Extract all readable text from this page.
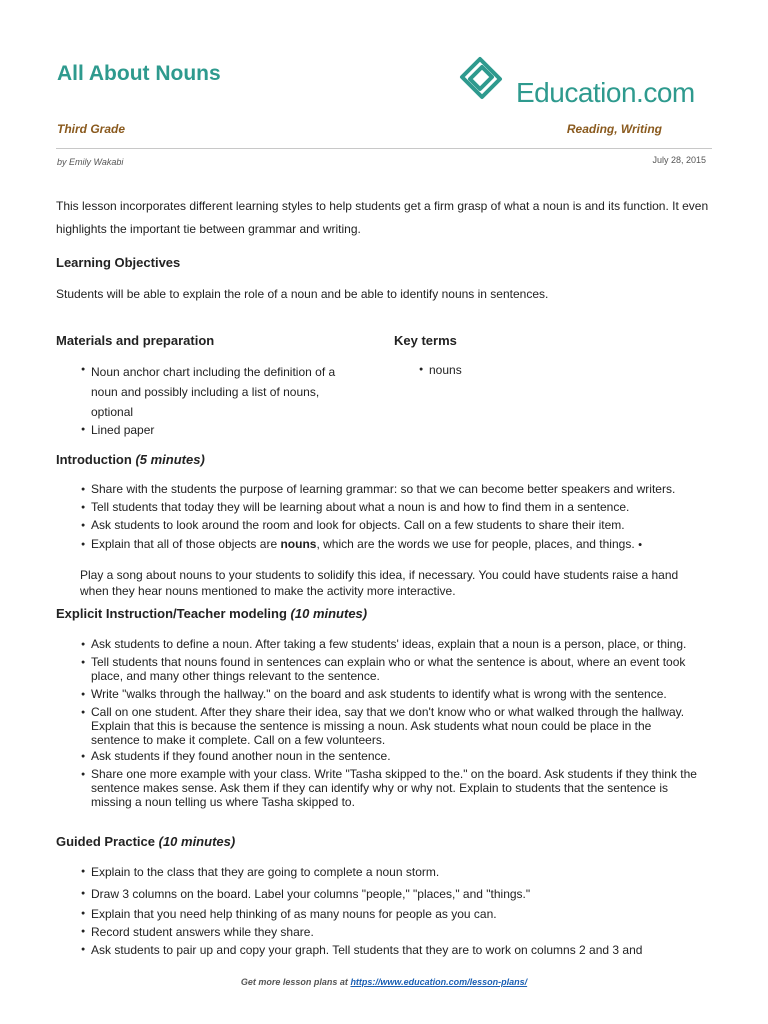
All About Nouns
Education.com
Third Grade	Reading, Writing
by Emily Wakabi	July 28, 2015
This lesson incorporates different learning styles to help students get a firm grasp of what a noun is and its function. It even highlights the important tie between grammar and writing.
Learning Objectives
Students will be able to explain the role of a noun and be able to identify nouns in sentences.
Materials and preparation
● Noun anchor chart including the definition of a noun and possibly including a list of nouns, optional
● Lined paper
Key terms
● nouns
Introduction (5 minutes)
● Share with the students the purpose of learning grammar: so that we can become better speakers and writers.
● Tell students that today they will be learning about what a noun is and how to find them in a sentence.
● Ask students to look around the room and look for objects. Call on a few students to share their item.
● Explain that all of those objects are nouns, which are the words we use for people, places, and things. ●
Play a song about nouns to your students to solidify this idea, if necessary. You could have students raise a hand when they hear nouns mentioned to make the activity more interactive.
Explicit Instruction/Teacher modeling (10 minutes)
● Ask students to define a noun. After taking a few students' ideas, explain that a noun is a person, place, or thing.
● Tell students that nouns found in sentences can explain who or what the sentence is about, where an event took place, and many other things relevant to the sentence.
● Write "walks through the hallway." on the board and ask students to identify what is wrong with the sentence.
● Call on one student. After they share their idea, say that we don't know who or what walked through the hallway. Explain that this is because the sentence is missing a noun. Ask students what noun could be place in the sentence to make it complete. Call on a few volunteers.
● Ask students if they found another noun in the sentence.
● Share one more example with your class. Write "Tasha skipped to the." on the board. Ask students if they think the sentence makes sense. Ask them if they can identify why or why not. Explain to students that the sentence is missing a noun telling us where Tasha skipped to.
Guided Practice (10 minutes)
● Explain to the class that they are going to complete a noun storm.
● Draw 3 columns on the board. Label your columns "people," "places," and "things."
● Explain that you need help thinking of as many nouns for people as you can.
● Record student answers while they share.
● Ask students to pair up and copy your graph. Tell students that they are to work on columns 2 and 3 and
Get more lesson plans at https://www.education.com/lesson-plans/
